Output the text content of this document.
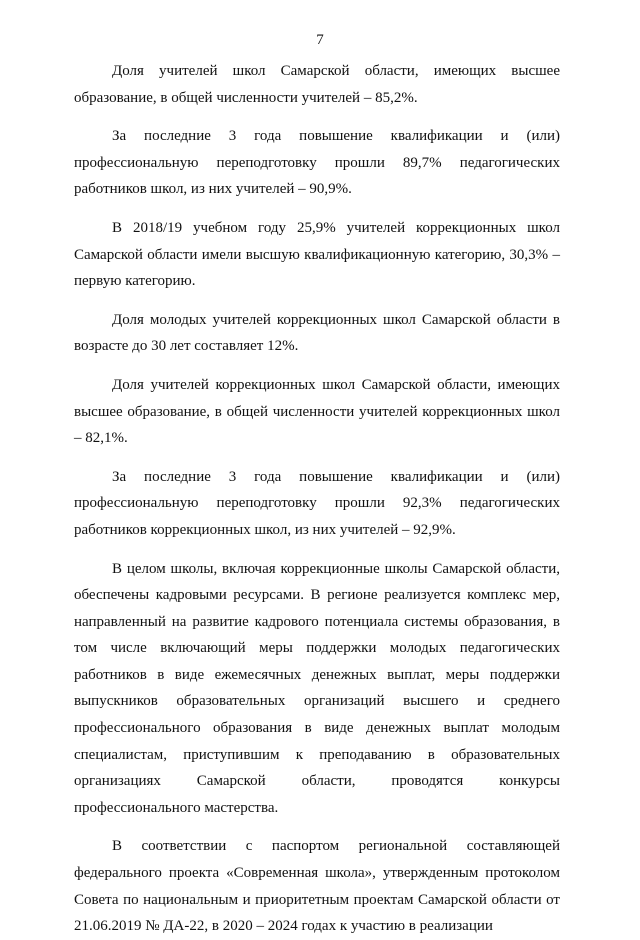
7

Доля учителей школ Самарской области, имеющих высшее образование, в общей численности учителей – 85,2%.

За последние 3 года повышение квалификации и (или) профессиональную переподготовку прошли 89,7% педагогических работников школ, из них учителей – 90,9%.

В 2018/19 учебном году 25,9% учителей коррекционных школ Самарской области имели высшую квалификационную категорию, 30,3% – первую категорию.

Доля молодых учителей коррекционных школ Самарской области в возрасте до 30 лет составляет 12%.

Доля учителей коррекционных школ Самарской области, имеющих высшее образование, в общей численности учителей коррекционных школ – 82,1%.

За последние 3 года повышение квалификации и (или) профессиональную переподготовку прошли 92,3% педагогических работников коррекционных школ, из них учителей – 92,9%.

В целом школы, включая коррекционные школы Самарской области, обеспечены кадровыми ресурсами. В регионе реализуется комплекс мер, направленный на развитие кадрового потенциала системы образования, в том числе включающий меры поддержки молодых педагогических работников в виде ежемесячных денежных выплат, меры поддержки выпускников образовательных организаций высшего и среднего профессионального образования в виде денежных выплат молодым специалистам, приступившим к преподаванию в образовательных организациях Самарской области, проводятся конкурсы профессионального мастерства.

В соответствии с паспортом региональной составляющей федерального проекта «Современная школа», утвержденным протоколом Совета по национальным и приоритетным проектам Самарской области от 21.06.2019 № ДА-22, в 2020 – 2024 годах к участию в реализации
